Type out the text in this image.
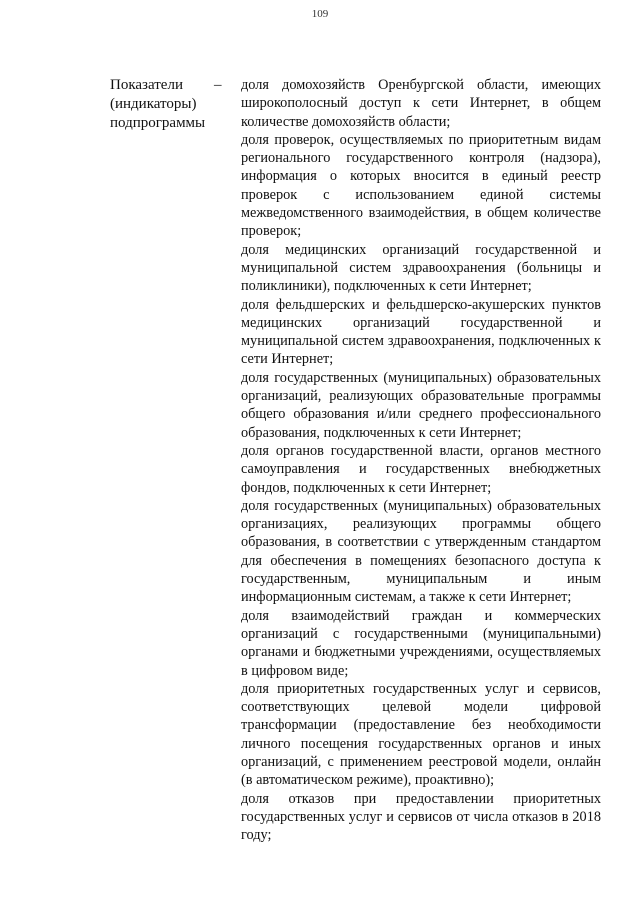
109
Показатели
(индикаторы)
подпрограммы
– доля домохозяйств Оренбургской области, имеющих широкополосный доступ к сети Интернет, в общем количестве домохозяйств области;

доля проверок, осуществляемых по приоритетным видам регионального государственного контроля (надзора), информация о которых вносится в единый реестр проверок с использованием единой системы межведомственного взаимодействия, в общем количестве проверок;

доля медицинских организаций государственной и муниципальной систем здравоохранения (больницы и поликлиники), подключенных к сети Интернет;

доля фельдшерских и фельдшерско-акушерских пунктов медицинских организаций государственной и муниципальной систем здравоохранения, подключенных к сети Интернет;

доля государственных (муниципальных) образовательных организаций, реализующих образовательные программы общего образования и/или среднего профессионального образования, подключенных к сети Интернет;

доля органов государственной власти, органов местного самоуправления и государственных внебюджетных фондов, подключенных к сети Интернет;

доля государственных (муниципальных) образовательных организациях, реализующих программы общего образования, в соответствии с утвержденным стандартом для обеспечения в помещениях безопасного доступа к государственным, муниципальным и иным информационным системам, а также к сети Интернет;

доля взаимодействий граждан и коммерческих организаций с государственными (муниципальными) органами и бюджетными учреждениями, осуществляемых в цифровом виде;

доля приоритетных государственных услуг и сервисов, соответствующих целевой модели цифровой трансформации (предоставление без необходимости личного посещения государственных органов и иных организаций, с применением реестровой модели, онлайн (в автоматическом режиме), проактивно);

доля отказов при предоставлении приоритетных государственных услуг и сервисов от числа отказов в 2018 году;
